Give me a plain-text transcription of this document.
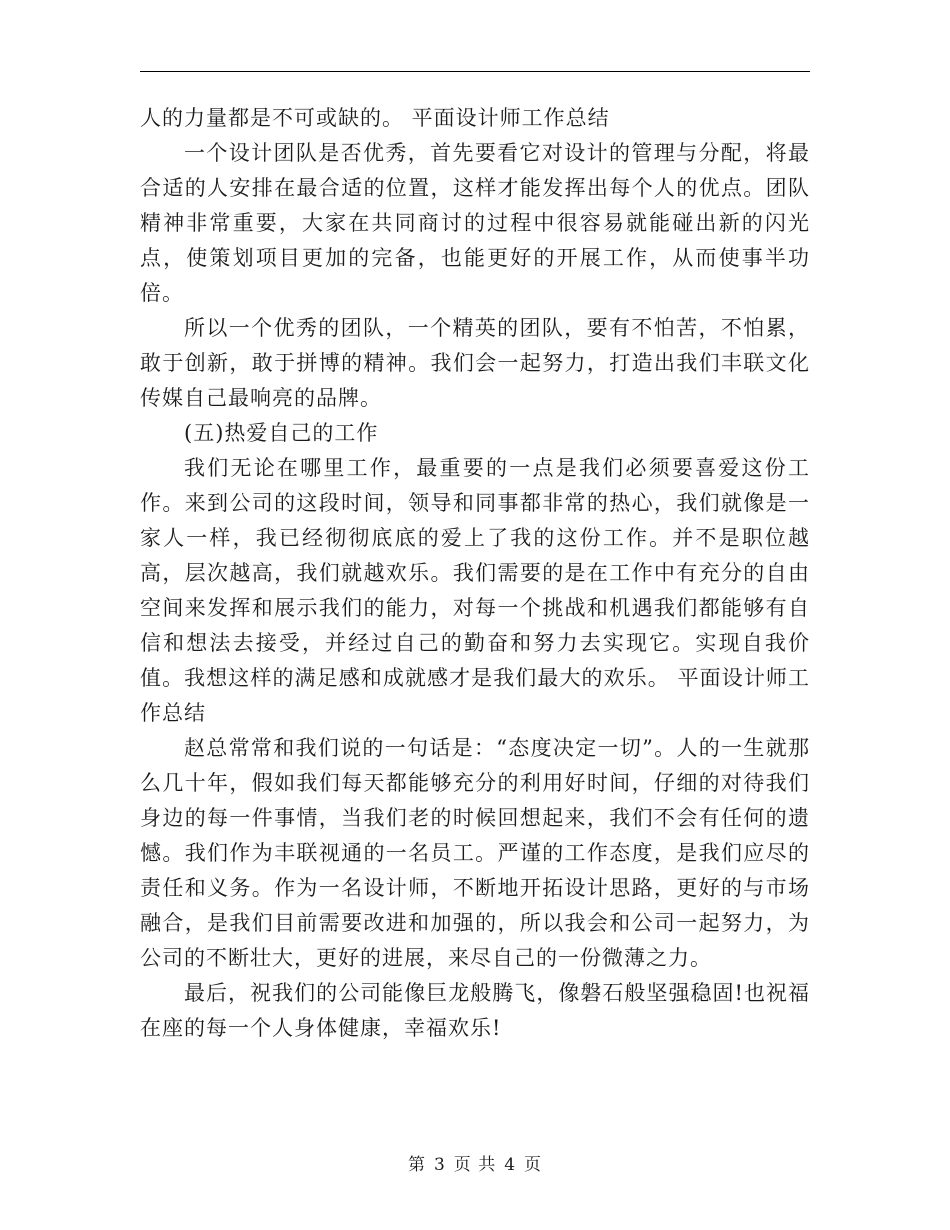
人的力量都是不可或缺的。 平面设计师工作总结

一个设计团队是否优秀，首先要看它对设计的管理与分配，将最合适的人安排在最合适的位置，这样才能发挥出每个人的优点。团队精神非常重要，大家在共同商讨的过程中很容易就能碰出新的闪光点，使策划项目更加的完备，也能更好的开展工作，从而使事半功倍。

所以一个优秀的团队，一个精英的团队，要有不怕苦，不怕累，敢于创新，敢于拼博的精神。我们会一起努力，打造出我们丰联文化传媒自己最响亮的品牌。

(五)热爱自己的工作

我们无论在哪里工作，最重要的一点是我们必须要喜爱这份工作。来到公司的这段时间，领导和同事都非常的热心，我们就像是一家人一样，我已经彻彻底底的爱上了我的这份工作。并不是职位越高，层次越高，我们就越欢乐。我们需要的是在工作中有充分的自由空间来发挥和展示我们的能力，对每一个挑战和机遇我们都能够有自信和想法去接受，并经过自己的勤奋和努力去实现它。实现自我价值。我想这样的满足感和成就感才是我们最大的欢乐。 平面设计师工作总结

赵总常常和我们说的一句话是：“态度决定一切”。人的一生就那么几十年，假如我们每天都能够充分的利用好时间，仔细的对待我们身边的每一件事情，当我们老的时候回想起来，我们不会有任何的遗憾。我们作为丰联视通的一名员工。严谨的工作态度，是我们应尽的责任和义务。作为一名设计师，不断地开拓设计思路，更好的与市场融合，是我们目前需要改进和加强的，所以我会和公司一起努力，为公司的不断壮大，更好的进展，来尽自己的一份微薄之力。

最后，祝我们的公司能像巨龙般腾飞，像磐石般坚强稳固!也祝福在座的每一个人身体健康，幸福欢乐!

第 3 页 共 4 页
